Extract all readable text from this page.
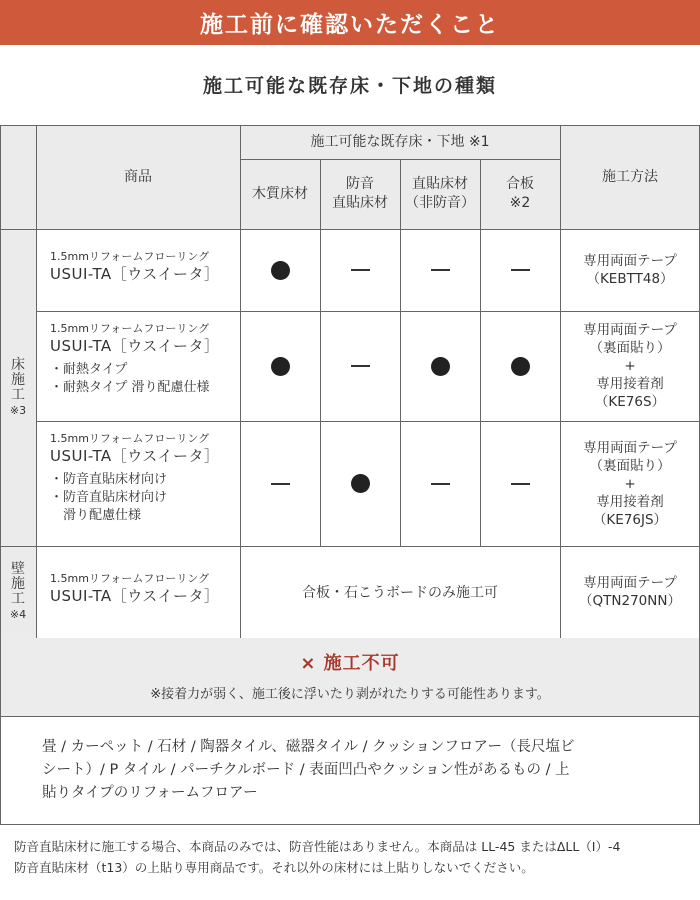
施工前に確認いただくこと
施工可能な既存床・下地の種類
商品
施工可能な既存床・下地 ※1
木質床材
防音
直貼床材
直貼床材
（非防音）
合板
※2
施工方法
床
施
工
※3
壁
施
工
※4
1.5mmリフォームフローリング
USUI-TA［ウスイータ］
専用両面テープ
（KEBTT48）
1.5mmリフォームフローリング
USUI-TA［ウスイータ］
・耐熱タイプ
・耐熱タイプ 滑り配慮仕様
専用両面テープ
（裏面貼り）
+
専用接着剤
（KE76S）
1.5mmリフォームフローリング
USUI-TA［ウスイータ］
・防音直貼床材向け
・防音直貼床材向け
　滑り配慮仕様
専用両面テープ
（裏面貼り）
+
専用接着剤
（KE76JS）
1.5mmリフォームフローリング
USUI-TA［ウスイータ］	合板・石こうボードのみ施工可
専用両面テープ
（QTN270NN）
× 施工不可
※接着力が弱く、施工後に浮いたり剥がれたりする可能性あります。
畳 / カーペット / 石材 / 陶器タイル、磁器タイル / クッションフロアー（長尺塩ビ
シート）/ P タイル / パーチクルボード / 表面凹凸やクッション性があるもの / 上
貼りタイプのリフォームフロアー
防音直貼床材に施工する場合、本商品のみでは、防音性能はありません。本商品は LL-45 またはΔLL（Ⅰ）-4
防音直貼床材（t13）の上貼り専用商品です。それ以外の床材には上貼りしないでください。
